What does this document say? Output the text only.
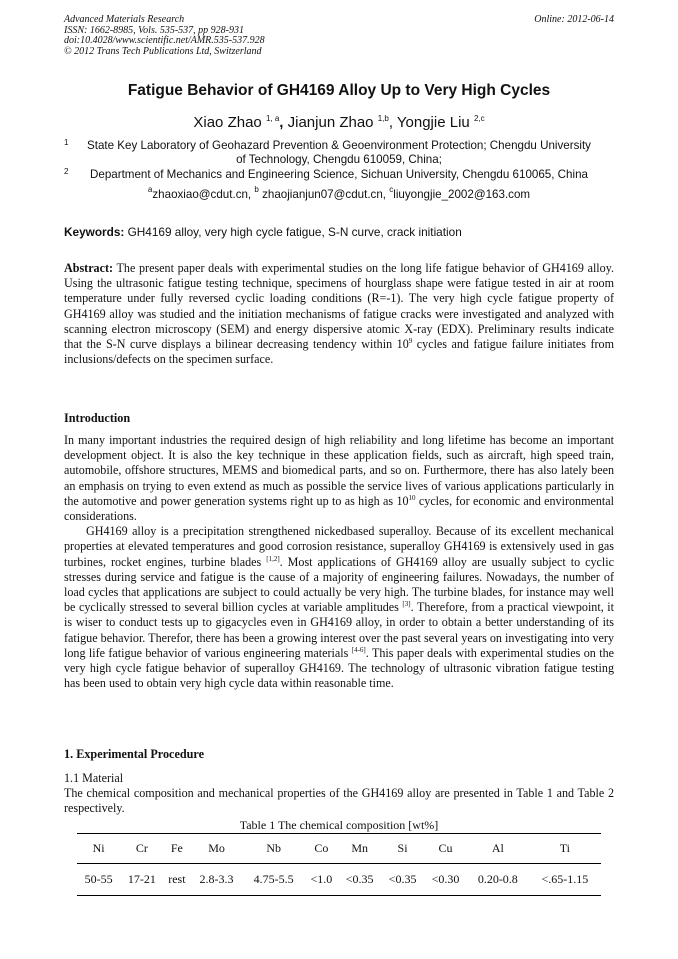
Advanced Materials Research
ISSN: 1662-8985, Vols. 535-537, pp 928-931
doi:10.4028/www.scientific.net/AMR.535-537.928
© 2012 Trans Tech Publications Ltd, Switzerland
Online: 2012-06-14
Fatigue Behavior of GH4169 Alloy Up to Very High Cycles
Xiao Zhao $^{1, a}$, Jianjun Zhao $^{1,b}$, Yongjie Liu $^{2,c}$
1	State Key Laboratory of Geohazard Prevention & Geoenvironment Protection; Chengdu University
of Technology, Chengdu 610059, China;
2	Department of Mechanics and Engineering Science, Sichuan University, Chengdu 610065, China
$^a$zhaoxiao@cdut.cn, $^b$ zhaojianjun07@cdut.cn, $^c$liuyongjie_2002@163.com
Keywords: GH4169 alloy, very high cycle fatigue, S-N curve, crack initiation

Abstract: The present paper deals with experimental studies on the long life fatigue behavior of GH4169 alloy. Using the ultrasonic fatigue testing technique, specimens of hourglass shape were fatigue tested in air at room temperature under fully reversed cyclic loading conditions (R=-1). The very high cycle fatigue property of GH4169 alloy was studied and the initiation mechanisms of fatigue cracks were investigated and analyzed with scanning electron microscopy (SEM) and energy dispersive atomic X-ray (EDX). Preliminary results indicate that the S-N curve displays a bilinear decreasing tendency within 10$^9$ cycles and fatigue failure initiates from inclusions/defects on the specimen surface.

Introduction

In many important industries the required design of high reliability and long lifetime has become an important development object. It is also the key technique in these application fields, such as aircraft, high speed train, automobile, offshore structures, MEMS and biomedical parts, and so on. Furthermore, there has also lately been an emphasis on trying to even extend as much as possible the service lives of various applications particularly in the automotive and power generation systems right up to as high as 10$^{10}$ cycles, for economic and environmental considerations.

GH4169 alloy is a precipitation strengthened nickedbased superalloy. Because of its excellent mechanical properties at elevated temperatures and good corrosion resistance, superalloy GH4169 is extensively used in gas turbines, rocket engines, turbine blades [1,2]. Most applications of GH4169 alloy are usually subject to cyclic stresses during service and fatigue is the cause of a majority of engineering failures. Nowadays, the number of load cycles that applications are subject to could actually be very high. The turbine blades, for instance may well be cyclically stressed to several billion cycles at variable amplitudes [3]. Therefore, from a practical viewpoint, it is wiser to conduct tests up to gigacycles even in GH4169 alloy, in order to obtain a better understanding of its fatigue behavior. Therefor, there has been a growing interest over the past several years on investigating into very long life fatigue behavior of various engineering materials [4-6]. This paper deals with experimental studies on the very high cycle fatigue behavior of superalloy GH4169. The technology of ultrasonic vibration fatigue testing has been used to obtain very high cycle data within reasonable time.

1. Experimental Procedure
1.1 Material

The chemical composition and mechanical properties of the GH4169 alloy are presented in Table 1 and Table 2 respectively.

Table 1 The chemical composition [wt%]
Ni	Cr	Fe	Mo	Nb	Co	Mn	Si	Cu	Al	Ti
50-55	17-21	rest	2.8-3.3	4.75-5.5	<1.0	<0.35	<0.35	<0.30	0.20-0.8	<.65-1.15
